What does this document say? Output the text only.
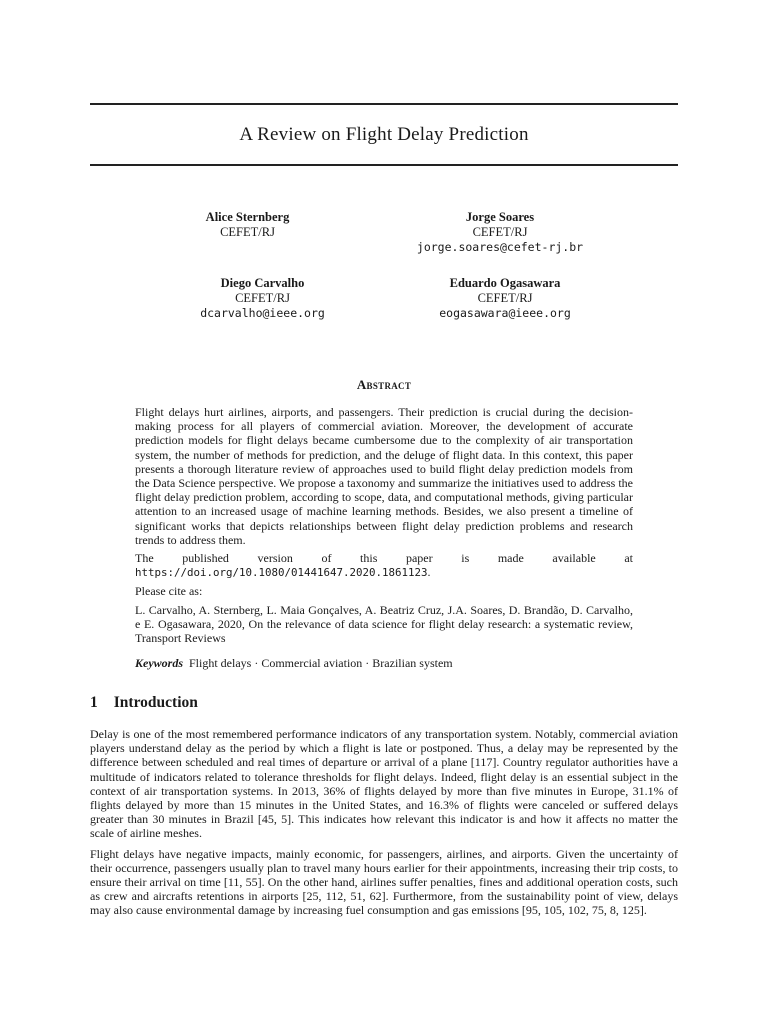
A Review on Flight Delay Prediction
Alice Sternberg
CEFET/RJ
Jorge Soares
CEFET/RJ
jorge.soares@cefet-rj.br
Diego Carvalho
CEFET/RJ
dcarvalho@ieee.org
Eduardo Ogasawara
CEFET/RJ
eogasawara@ieee.org
Abstract

Flight delays hurt airlines, airports, and passengers. Their prediction is crucial during the decision-making process for all players of commercial aviation. Moreover, the development of accurate prediction models for flight delays became cumbersome due to the complexity of air transportation system, the number of methods for prediction, and the deluge of flight data. In this context, this paper presents a thorough literature review of approaches used to build flight delay prediction models from the Data Science perspective. We propose a taxonomy and summarize the initiatives used to address the flight delay prediction problem, according to scope, data, and computational methods, giving particular attention to an increased usage of machine learning methods. Besides, we also present a timeline of significant works that depicts relationships between flight delay prediction problems and research trends to address them.

The published version of this paper is made available at https://doi.org/10.1080/01441647.2020.1861123.

Please cite as:

L. Carvalho, A. Sternberg, L. Maia Gonçalves, A. Beatriz Cruz, J.A. Soares, D. Brandão, D. Carvalho, e E. Ogasawara, 2020, On the relevance of data science for flight delay research: a systematic review, Transport Reviews

Keywords Flight delays · Commercial aviation · Brazilian system
1 Introduction

Delay is one of the most remembered performance indicators of any transportation system. Notably, commercial aviation players understand delay as the period by which a flight is late or postponed. Thus, a delay may be represented by the difference between scheduled and real times of departure or arrival of a plane [117]. Country regulator authorities have a multitude of indicators related to tolerance thresholds for flight delays. Indeed, flight delay is an essential subject in the context of air transportation systems. In 2013, 36% of flights delayed by more than five minutes in Europe, 31.1% of flights delayed by more than 15 minutes in the United States, and 16.3% of flights were canceled or suffered delays greater than 30 minutes in Brazil [45, 5]. This indicates how relevant this indicator is and how it affects no matter the scale of airline meshes.

Flight delays have negative impacts, mainly economic, for passengers, airlines, and airports. Given the uncertainty of their occurrence, passengers usually plan to travel many hours earlier for their appointments, increasing their trip costs, to ensure their arrival on time [11, 55]. On the other hand, airlines suffer penalties, fines and additional operation costs, such as crew and aircrafts retentions in airports [25, 112, 51, 62]. Furthermore, from the sustainability point of view, delays may also cause environmental damage by increasing fuel consumption and gas emissions [95, 105, 102, 75, 8, 125].
